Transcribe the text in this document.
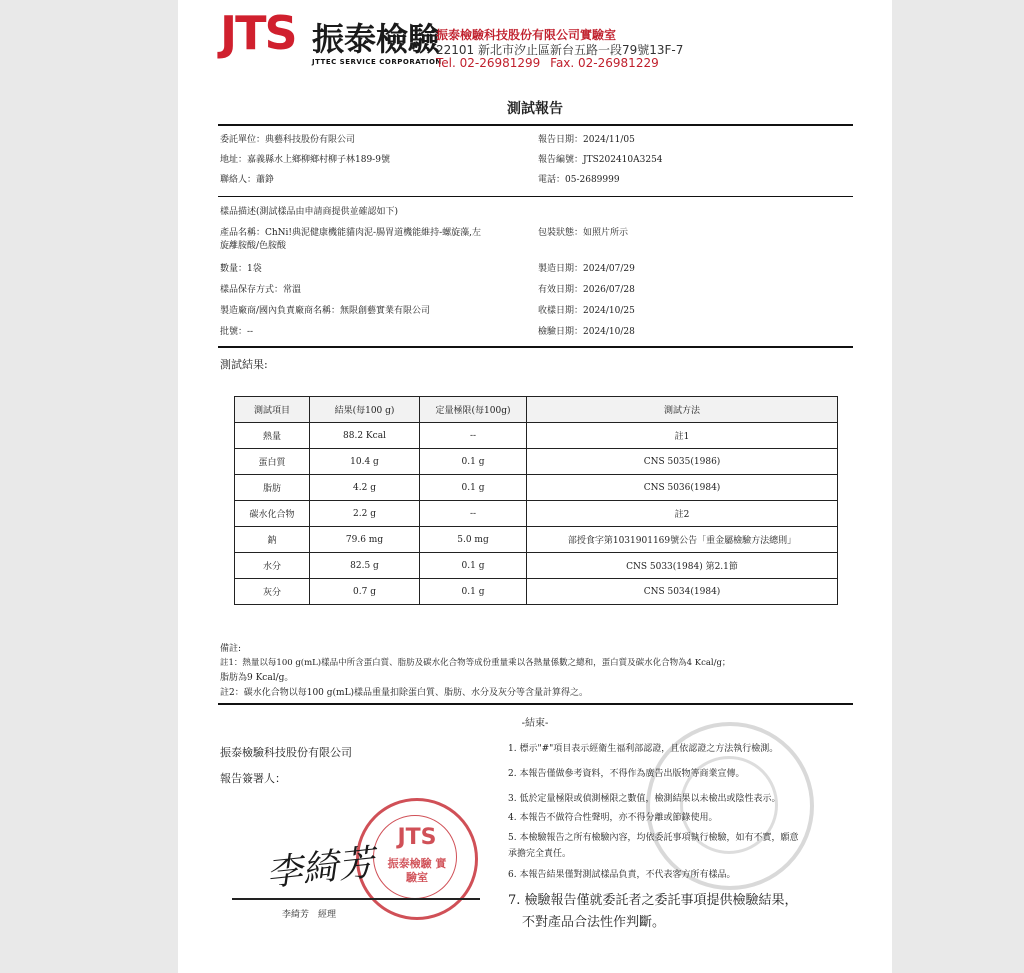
JTS 振泰檢驗
JTTEC SERVICE CORPORATION
振泰檢驗科技股份有限公司實驗室
22101 新北市汐止區新台五路一段79號13F-7
Tel. 02-26981299 Fax. 02-26981229
測試報告
委託單位：典藝科技股份有限公司	報告日期：2024/11/05
地址：嘉義縣水上鄉柳鄉村柳子林189-9號	報告編號：JTS202410A3254
聯絡人：蕭錚	電話：05-2689999
樣品描述(測試樣品由申請商提供並確認如下)
產品名稱：ChNi!典泥健康機能貓肉泥-腸胃道機能維持-螺旋藻,左
旋離胺酸/色胺酸
包裝狀態：如照片所示
數量：1袋	製造日期：2024/07/29
樣品保存方式：常溫	有效日期：2026/07/28
製造廠商/國內負責廠商名稱：無限創藝實業有限公司	收樣日期：2024/10/25
批號：--	檢驗日期：2024/10/28
測試結果:
測試項目	結果(每100 g)	定量極限(每100g)	測試方法
熱量	88.2 Kcal	--	註1
蛋白質	10.4 g	0.1 g	CNS 5035(1986)
脂肪	4.2 g	0.1 g	CNS 5036(1984)
碳水化合物	2.2 g	--	註2
鈉	79.6 mg	5.0 mg	部授食字第1031901169號公告「重金屬檢驗方法總則」
水分	82.5 g	0.1 g	CNS 5033(1984) 第2.1節
灰分	0.7 g	0.1 g	CNS 5034(1984)
備註:
註1：熱量以每100 g(mL)樣品中所含蛋白質、脂肪及碳水化合物等成份重量乘以各熱量係數之總和，蛋白質及碳水化合物為4 Kcal/g；
脂肪為9 Kcal/g。
註2：碳水化合物以每100 g(mL)樣品重量扣除蛋白質、脂肪、水分及灰分等含量計算得之。
-結束-
振泰檢驗科技股份有限公司
報告簽署人：
JTS
振泰檢驗 實驗室
李綺芳
李綺芳　經理
1. 標示"#"項目表示經衛生福利部認證，且依認證之方法執行檢測。
2. 本報告僅做參考資料，不得作為廣告出版物等商業宣傳。
3. 低於定量極限或偵測極限之數值，檢測結果以未檢出或陰性表示。
4. 本報告不做符合性聲明，亦不得分離或節錄使用。
5. 本檢驗報告之所有檢驗內容，均依委託事項執行檢驗，如有不實，願意
承擔完全責任。
6. 本報告結果僅對測試樣品負責，不代表客方所有樣品。
7. 檢驗報告僅就委託者之委託事項提供檢驗結果，
不對產品合法性作判斷。
